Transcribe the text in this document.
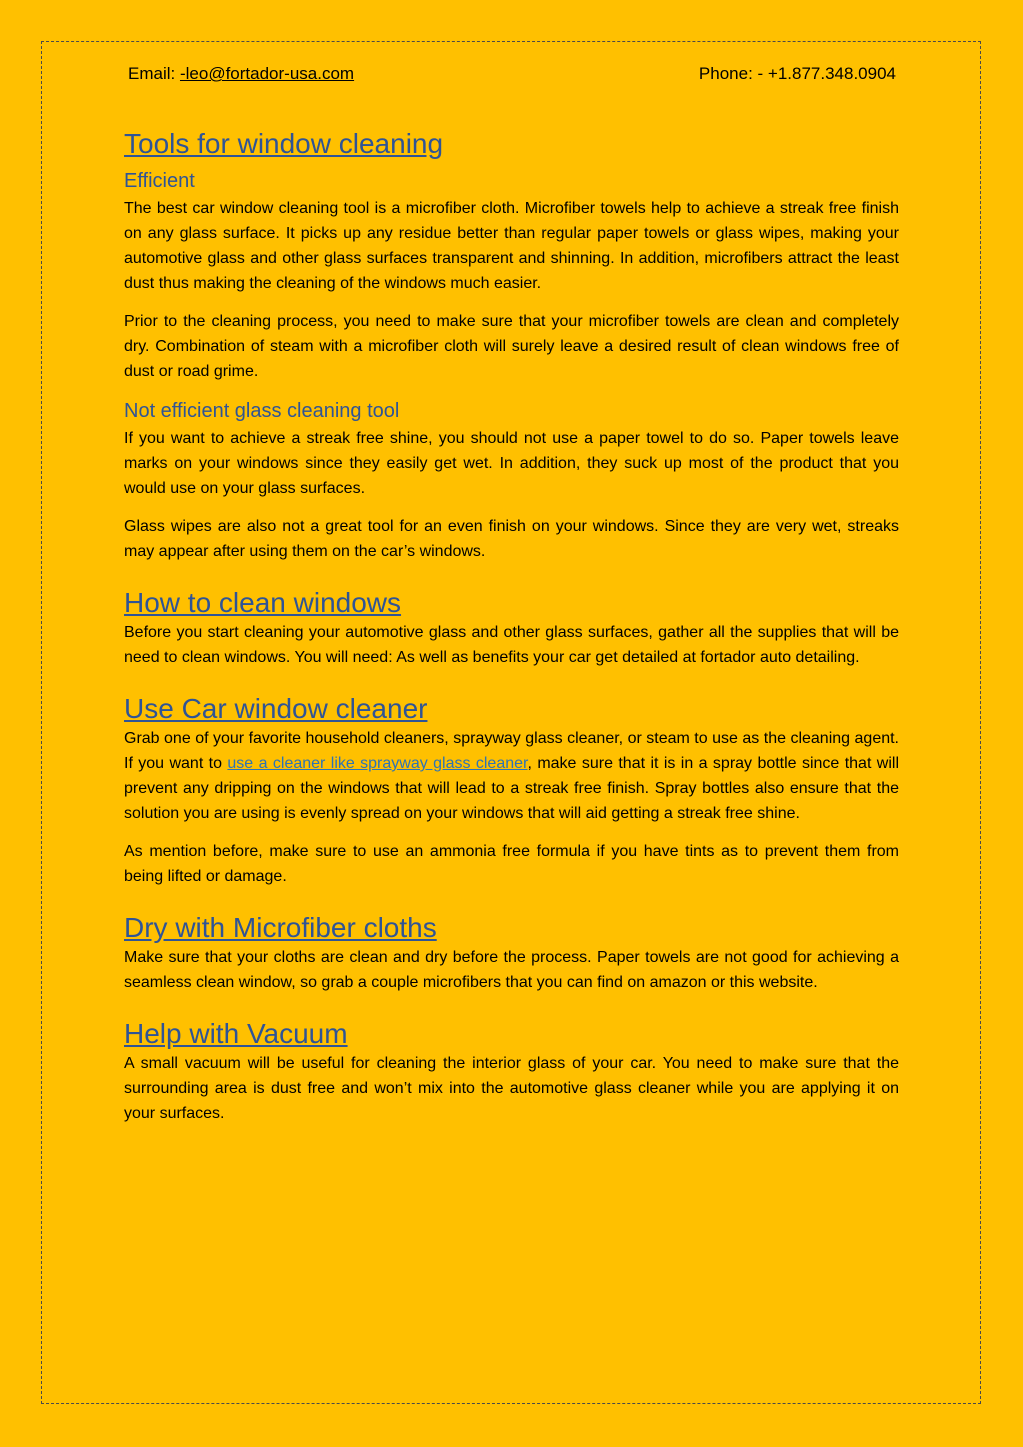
Email: -leo@fortador-usa.com	Phone: - +1.877.348.0904
Tools for window cleaning
Efficient

The best car window cleaning tool is a microfiber cloth. Microfiber towels help to achieve a streak free finish on any glass surface. It picks up any residue better than regular paper towels or glass wipes, making your automotive glass and other glass surfaces transparent and shinning. In addition, microfibers attract the least dust thus making the cleaning of the windows much easier.

Prior to the cleaning process, you need to make sure that your microfiber towels are clean and completely dry. Combination of steam with a microfiber cloth will surely leave a desired result of clean windows free of dust or road grime.

Not efficient glass cleaning tool

If you want to achieve a streak free shine, you should not use a paper towel to do so. Paper towels leave marks on your windows since they easily get wet. In addition, they suck up most of the product that you would use on your glass surfaces.

Glass wipes are also not a great tool for an even finish on your windows. Since they are very wet, streaks may appear after using them on the car’s windows.

How to clean windows

Before you start cleaning your automotive glass and other glass surfaces, gather all the supplies that will be need to clean windows. You will need: As well as benefits your car get detailed at fortador auto detailing.

Use Car window cleaner

Grab one of your favorite household cleaners, sprayway glass cleaner, or steam to use as the cleaning agent. If you want to use a cleaner like sprayway glass cleaner, make sure that it is in a spray bottle since that will prevent any dripping on the windows that will lead to a streak free finish. Spray bottles also ensure that the solution you are using is evenly spread on your windows that will aid getting a streak free shine.

As mention before, make sure to use an ammonia free formula if you have tints as to prevent them from being lifted or damage.

Dry with Microfiber cloths

Make sure that your cloths are clean and dry before the process. Paper towels are not good for achieving a seamless clean window, so grab a couple microfibers that you can find on amazon or this website.

Help with Vacuum

A small vacuum will be useful for cleaning the interior glass of your car. You need to make sure that the surrounding area is dust free and won’t mix into the automotive glass cleaner while you are applying it on your surfaces.
